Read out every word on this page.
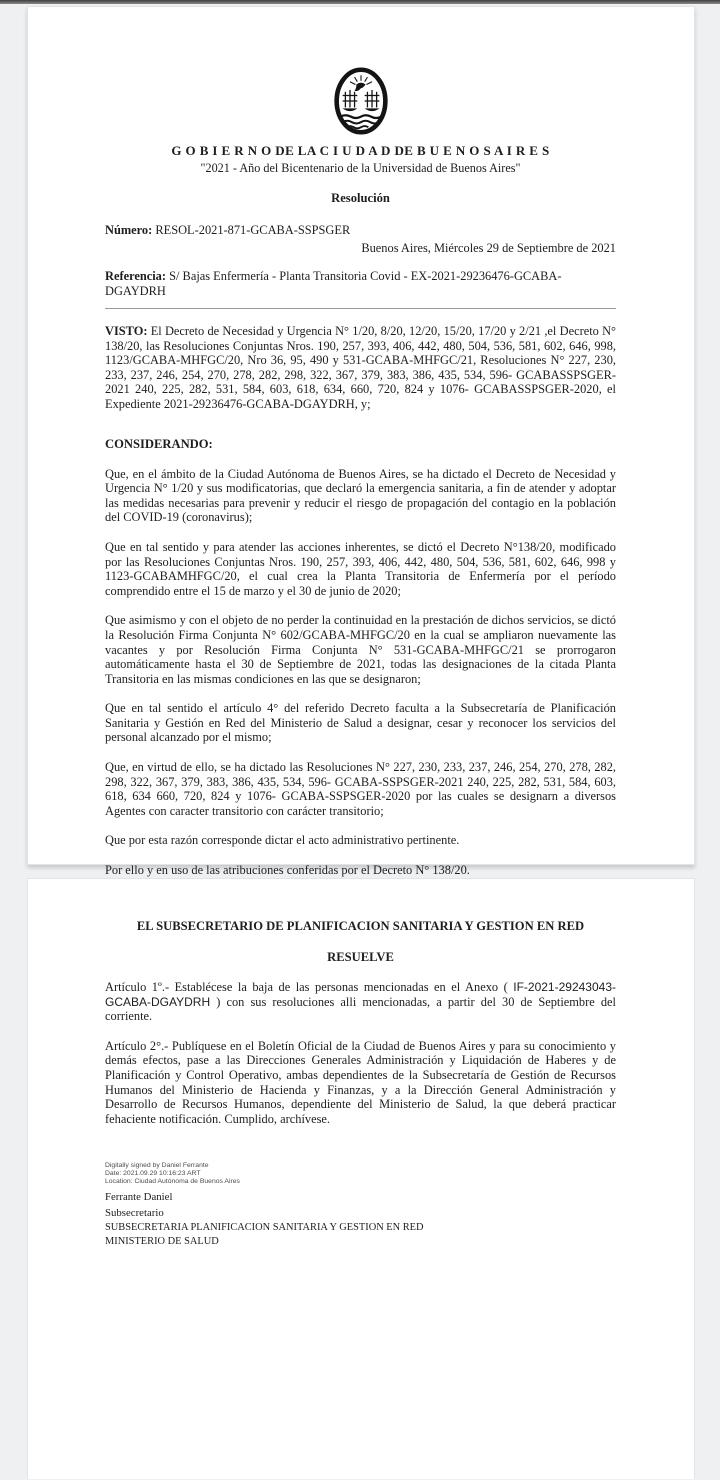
G O B I E R N O DE LA C I U D A D DE B U E N O S A I R E S
"2021 - Año del Bicentenario de la Universidad de Buenos Aires"
Resolución
Número: RESOL-2021-871-GCABA-SSPSGER
Buenos Aires, Miércoles 29 de Septiembre de 2021
Referencia: S/ Bajas Enfermería - Planta Transitoria Covid - EX-2021-29236476-GCABA-DGAYDRH

VISTO: El Decreto de Necesidad y Urgencia N° 1/20, 8/20, 12/20, 15/20, 17/20 y 2/21 ,el Decreto N° 138/20, las Resoluciones Conjuntas Nros. 190, 257, 393, 406, 442, 480, 504, 536, 581, 602, 646, 998, 1123/GCABA-MHFGC/20, Nro 36, 95, 490 y 531-GCABA-MHFGC/21, Resoluciones N° 227, 230, 233, 237, 246, 254, 270, 278, 282, 298, 322, 367, 379, 383, 386, 435, 534, 596- GCABASSPSGER-2021 240, 225, 282, 531, 584, 603, 618, 634, 660, 720, 824 y 1076- GCABASSPSGER-2020, el Expediente 2021-29236476-GCABA-DGAYDRH, y;

CONSIDERANDO:

Que, en el ámbito de la Ciudad Autónoma de Buenos Aires, se ha dictado el Decreto de Necesidad y Urgencia N° 1/20 y sus modificatorias, que declaró la emergencia sanitaria, a fin de atender y adoptar las medidas necesarias para prevenir y reducir el riesgo de propagación del contagio en la población del COVID-19 (coronavirus);

Que en tal sentido y para atender las acciones inherentes, se dictó el Decreto N°138/20, modificado por las Resoluciones Conjuntas Nros. 190, 257, 393, 406, 442, 480, 504, 536, 581, 602, 646, 998 y 1123-GCABAMHFGC/20, el cual crea la Planta Transitoria de Enfermería por el período comprendido entre el 15 de marzo y el 30 de junio de 2020;

Que asimismo y con el objeto de no perder la continuidad en la prestación de dichos servicios, se dictó la Resolución Firma Conjunta N° 602/GCABA-MHFGC/20 en la cual se ampliaron nuevamente las vacantes y por Resolución Firma Conjunta N° 531-GCABA-MHFGC/21 se prorrogaron automáticamente hasta el 30 de Septiembre de 2021, todas las designaciones de la citada Planta Transitoria en las mismas condiciones en las que se designaron;

Que en tal sentido el artículo 4° del referido Decreto faculta a la Subsecretaría de Planificación Sanitaria y Gestión en Red del Ministerio de Salud a designar, cesar y reconocer los servicios del personal alcanzado por el mismo;

Que, en virtud de ello, se ha dictado las Resoluciones N° 227, 230, 233, 237, 246, 254, 270, 278, 282, 298, 322, 367, 379, 383, 386, 435, 534, 596- GCABA-SSPSGER-2021 240, 225, 282, 531, 584, 603, 618, 634 660, 720, 824 y 1076- GCABA-SSPSGER-2020 por las cuales se designarn a diversos Agentes con caracter transitorio con carácter transitorio;

Que por esta razón corresponde dictar el acto administrativo pertinente.

Por ello y en uso de las atribuciones conferidas por el Decreto N° 138/20.

EL SUBSECRETARIO DE PLANIFICACION SANITARIA Y GESTION EN RED
RESUELVE

Artículo 1º.- Establécese la baja de las personas mencionadas en el Anexo ( IF-2021-29243043-GCABA-DGAYDRH ) con sus resoluciones alli mencionadas, a partir del 30 de Septiembre del corriente.

Artículo 2°.- Publíquese en el Boletín Oficial de la Ciudad de Buenos Aires y para su conocimiento y demás efectos, pase a las Direcciones Generales Administración y Liquidación de Haberes y de Planificación y Control Operativo, ambas dependientes de la Subsecretaría de Gestión de Recursos Humanos del Ministerio de Hacienda y Finanzas, y a la Dirección General Administración y Desarrollo de Recursos Humanos, dependiente del Ministerio de Salud, la que deberá practicar fehaciente notificación. Cumplido, archívese.

Digitally signed by Daniel Ferrante
Date: 2021.09.29 10:16:23 ART
Location: Ciudad Autónoma de Buenos Aires
Ferrante Daniel
Subsecretario
SUBSECRETARIA PLANIFICACION SANITARIA Y GESTION EN RED
MINISTERIO DE SALUD
